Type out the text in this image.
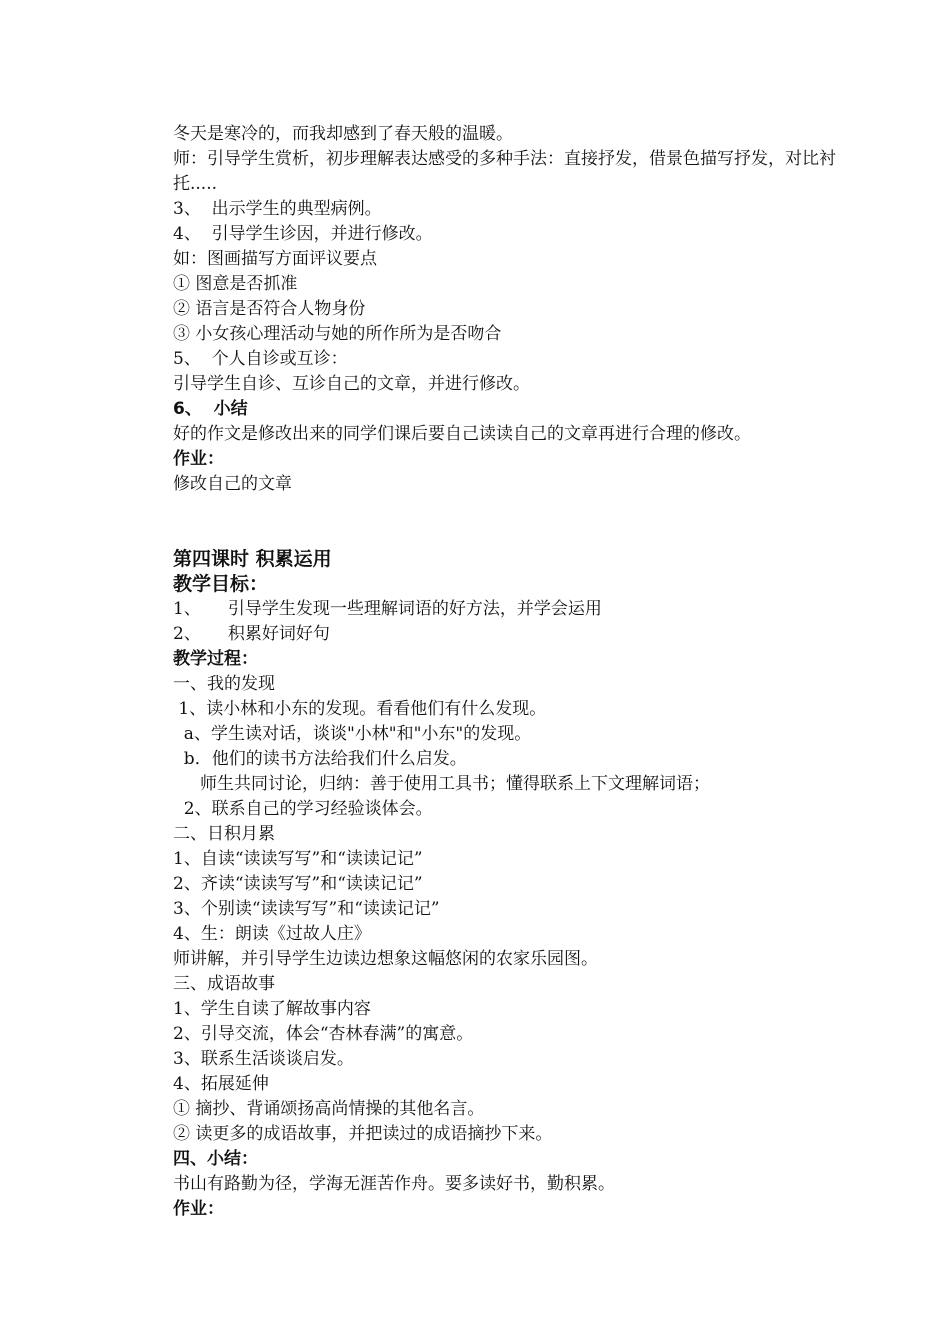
冬天是寒冷的，而我却感到了春天般的温暖。

师：引导学生赏析，初步理解表达感受的多种手法：直接抒发，借景色描写抒发，对比衬托.....

3、  出示学生的典型病例。

4、  引导学生诊因，并进行修改。

如：图画描写方面评议要点

① 图意是否抓准

② 语言是否符合人物身份

③ 小女孩心理活动与她的所作所为是否吻合

5、  个人自诊或互诊：

引导学生自诊、互诊自己的文章，并进行修改。

6、  小结

好的作文是修改出来的同学们课后要自己读读自己的文章再进行合理的修改。

作业：

修改自己的文章

第四课时 积累运用

教学目标：

1、     引导学生发现一些理解词语的好方法，并学会运用

2、     积累好词好句

教学过程：

一、我的发现

1、读小林和小东的发现。看看他们有什么发现。

a、学生读对话，谈谈"小林"和"小东"的发现。

b．他们的读书方法给我们什么启发。

师生共同讨论，归纳：善于使用工具书；懂得联系上下文理解词语；

2、联系自己的学习经验谈体会。

二、日积月累

1、自读“读读写写”和“读读记记”

2、齐读“读读写写”和“读读记记”

3、个别读“读读写写”和“读读记记”

4、生：朗读《过故人庄》

师讲解，并引导学生边读边想象这幅悠闲的农家乐园图。

三、成语故事

1、学生自读了解故事内容

2、引导交流，体会“杏林春满”的寓意。

3、联系生活谈谈启发。

4、拓展延伸

① 摘抄、背诵颂扬高尚情操的其他名言。

② 读更多的成语故事，并把读过的成语摘抄下来。

四、小结：

书山有路勤为径，学海无涯苦作舟。要多读好书，勤积累。

作业：
